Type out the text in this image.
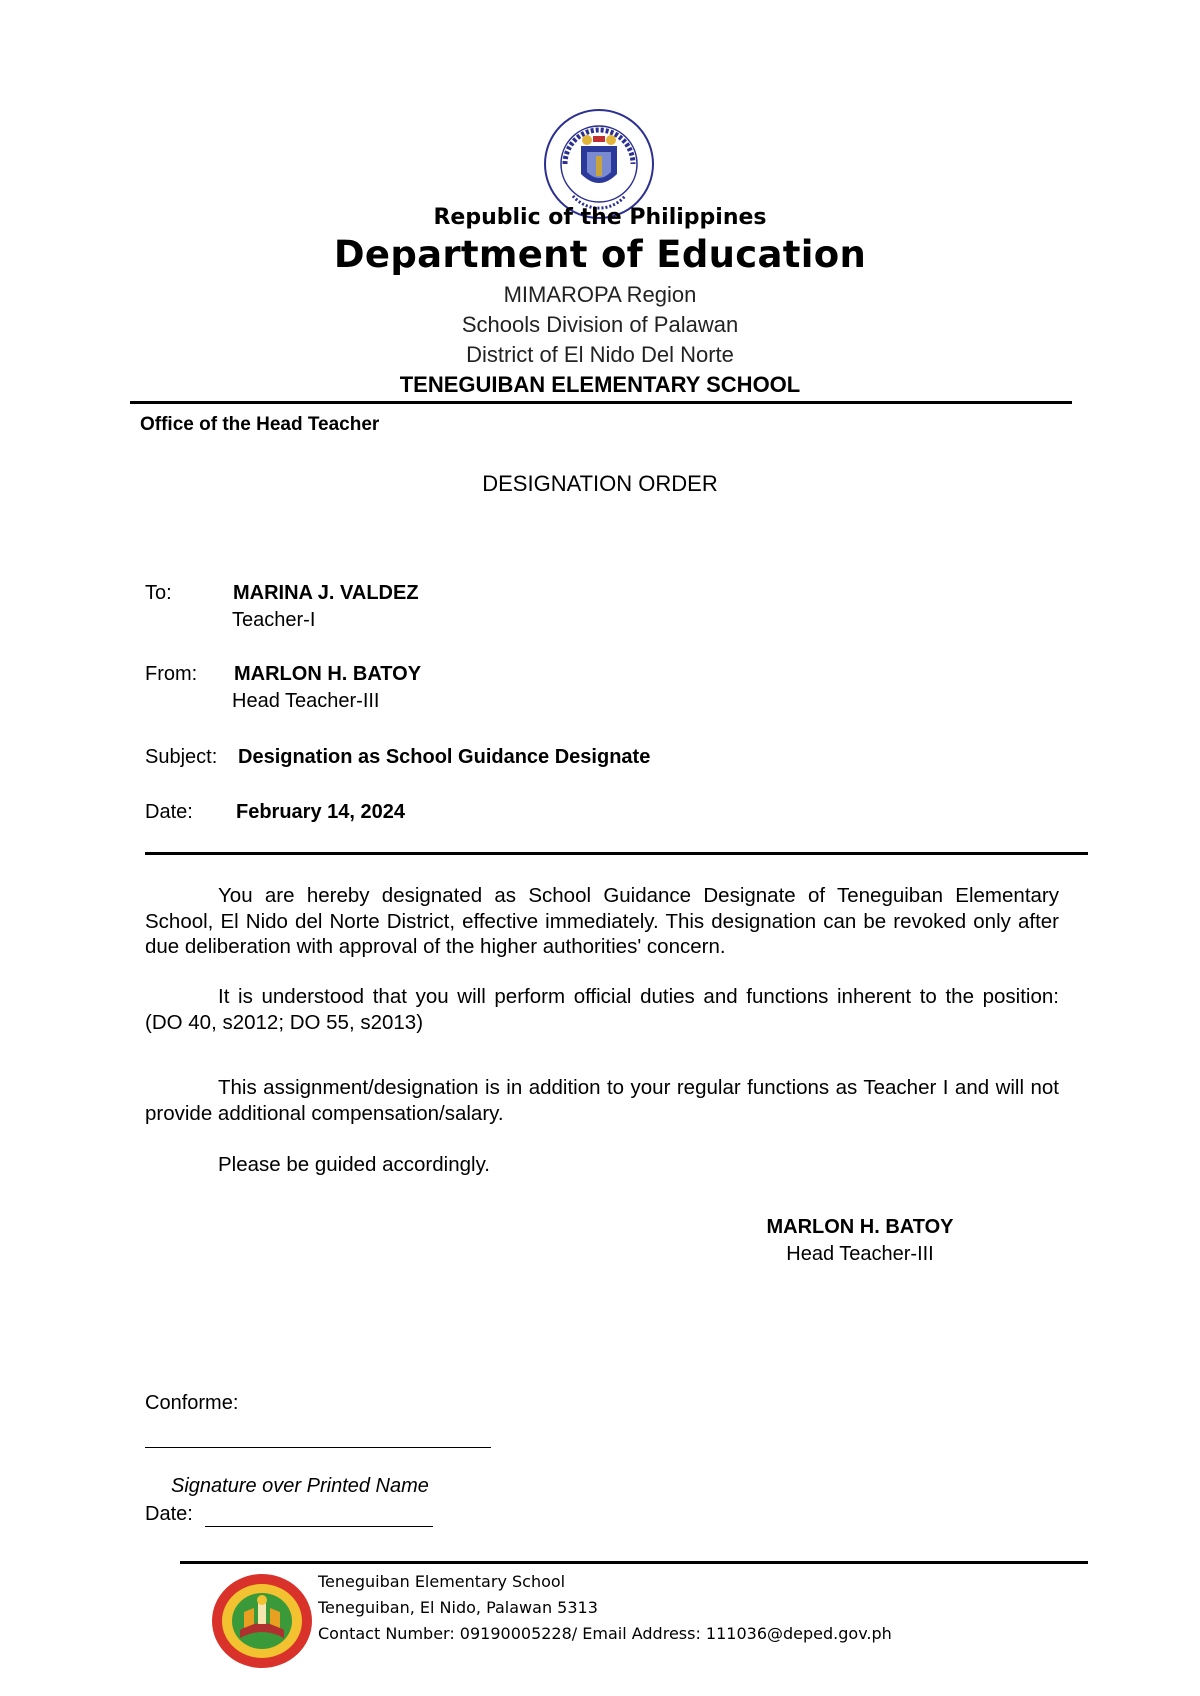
Republic of the Philippines
Department of Education
MIMAROPA Region
Schools Division of Palawan
District of El Nido Del Norte
TENEGUIBAN ELEMENTARY SCHOOL
Office of the Head Teacher
DESIGNATION ORDER
To:	MARINA J. VALDEZ
Teacher-I
From: MARLON H. BATOY
Head Teacher-III
Subject: Designation as School Guidance Designate
Date: February 14, 2024

You are hereby designated as School Guidance Designate of Teneguiban Elementary School, El Nido del Norte District, effective immediately. This designation can be revoked only after due deliberation with approval of the higher authorities' concern.

It is understood that you will perform official duties and functions inherent to the position: (DO 40, s2012; DO 55, s2013)

This assignment/designation is in addition to your regular functions as Teacher I and will not provide additional compensation/salary.

Please be guided accordingly.

MARLON H. BATOY
Head Teacher-III
Conforme:
Signature over Printed Name
Date:
Teneguiban Elementary School
Teneguiban, El Nido, Palawan 5313
Contact Number: 09190005228/ Email Address: 111036@deped.gov.ph
